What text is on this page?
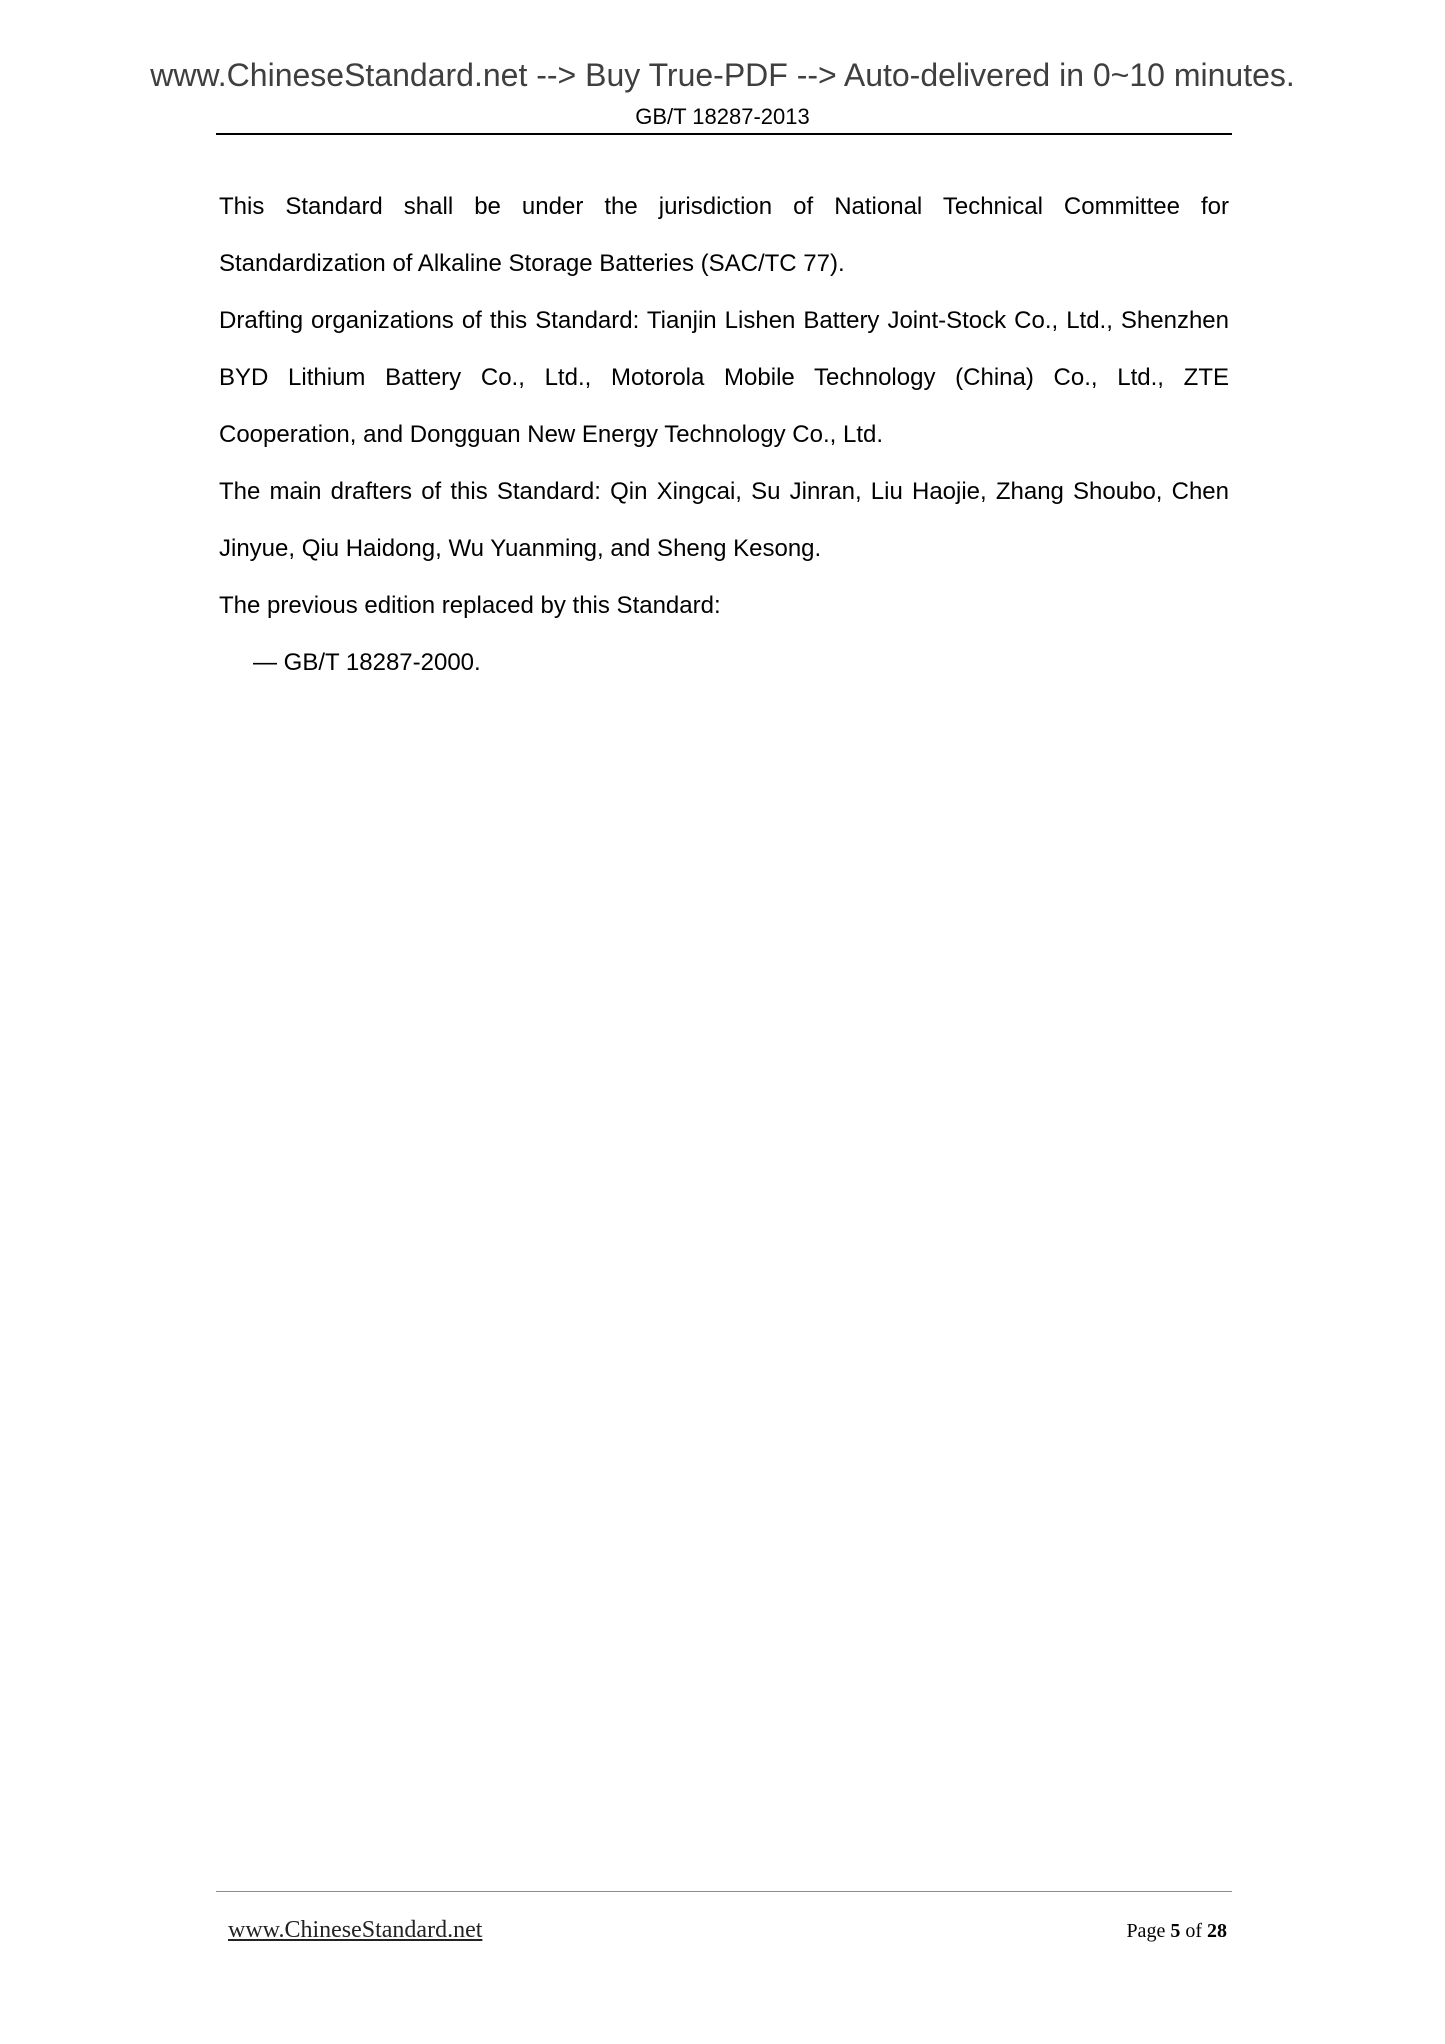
www.ChineseStandard.net --> Buy True-PDF --> Auto-delivered in 0~10 minutes.
GB/T 18287-2013

This Standard shall be under the jurisdiction of National Technical Committee for Standardization of Alkaline Storage Batteries (SAC/TC 77).

Drafting organizations of this Standard: Tianjin Lishen Battery Joint-Stock Co., Ltd., Shenzhen BYD Lithium Battery Co., Ltd., Motorola Mobile Technology (China) Co., Ltd., ZTE Cooperation, and Dongguan New Energy Technology Co., Ltd.

The main drafters of this Standard: Qin Xingcai, Su Jinran, Liu Haojie, Zhang Shoubo, Chen Jinyue, Qiu Haidong, Wu Yuanming, and Sheng Kesong.

The previous edition replaced by this Standard:

— GB/T 18287-2000.

www.ChineseStandard.net	Page 5 of 28
